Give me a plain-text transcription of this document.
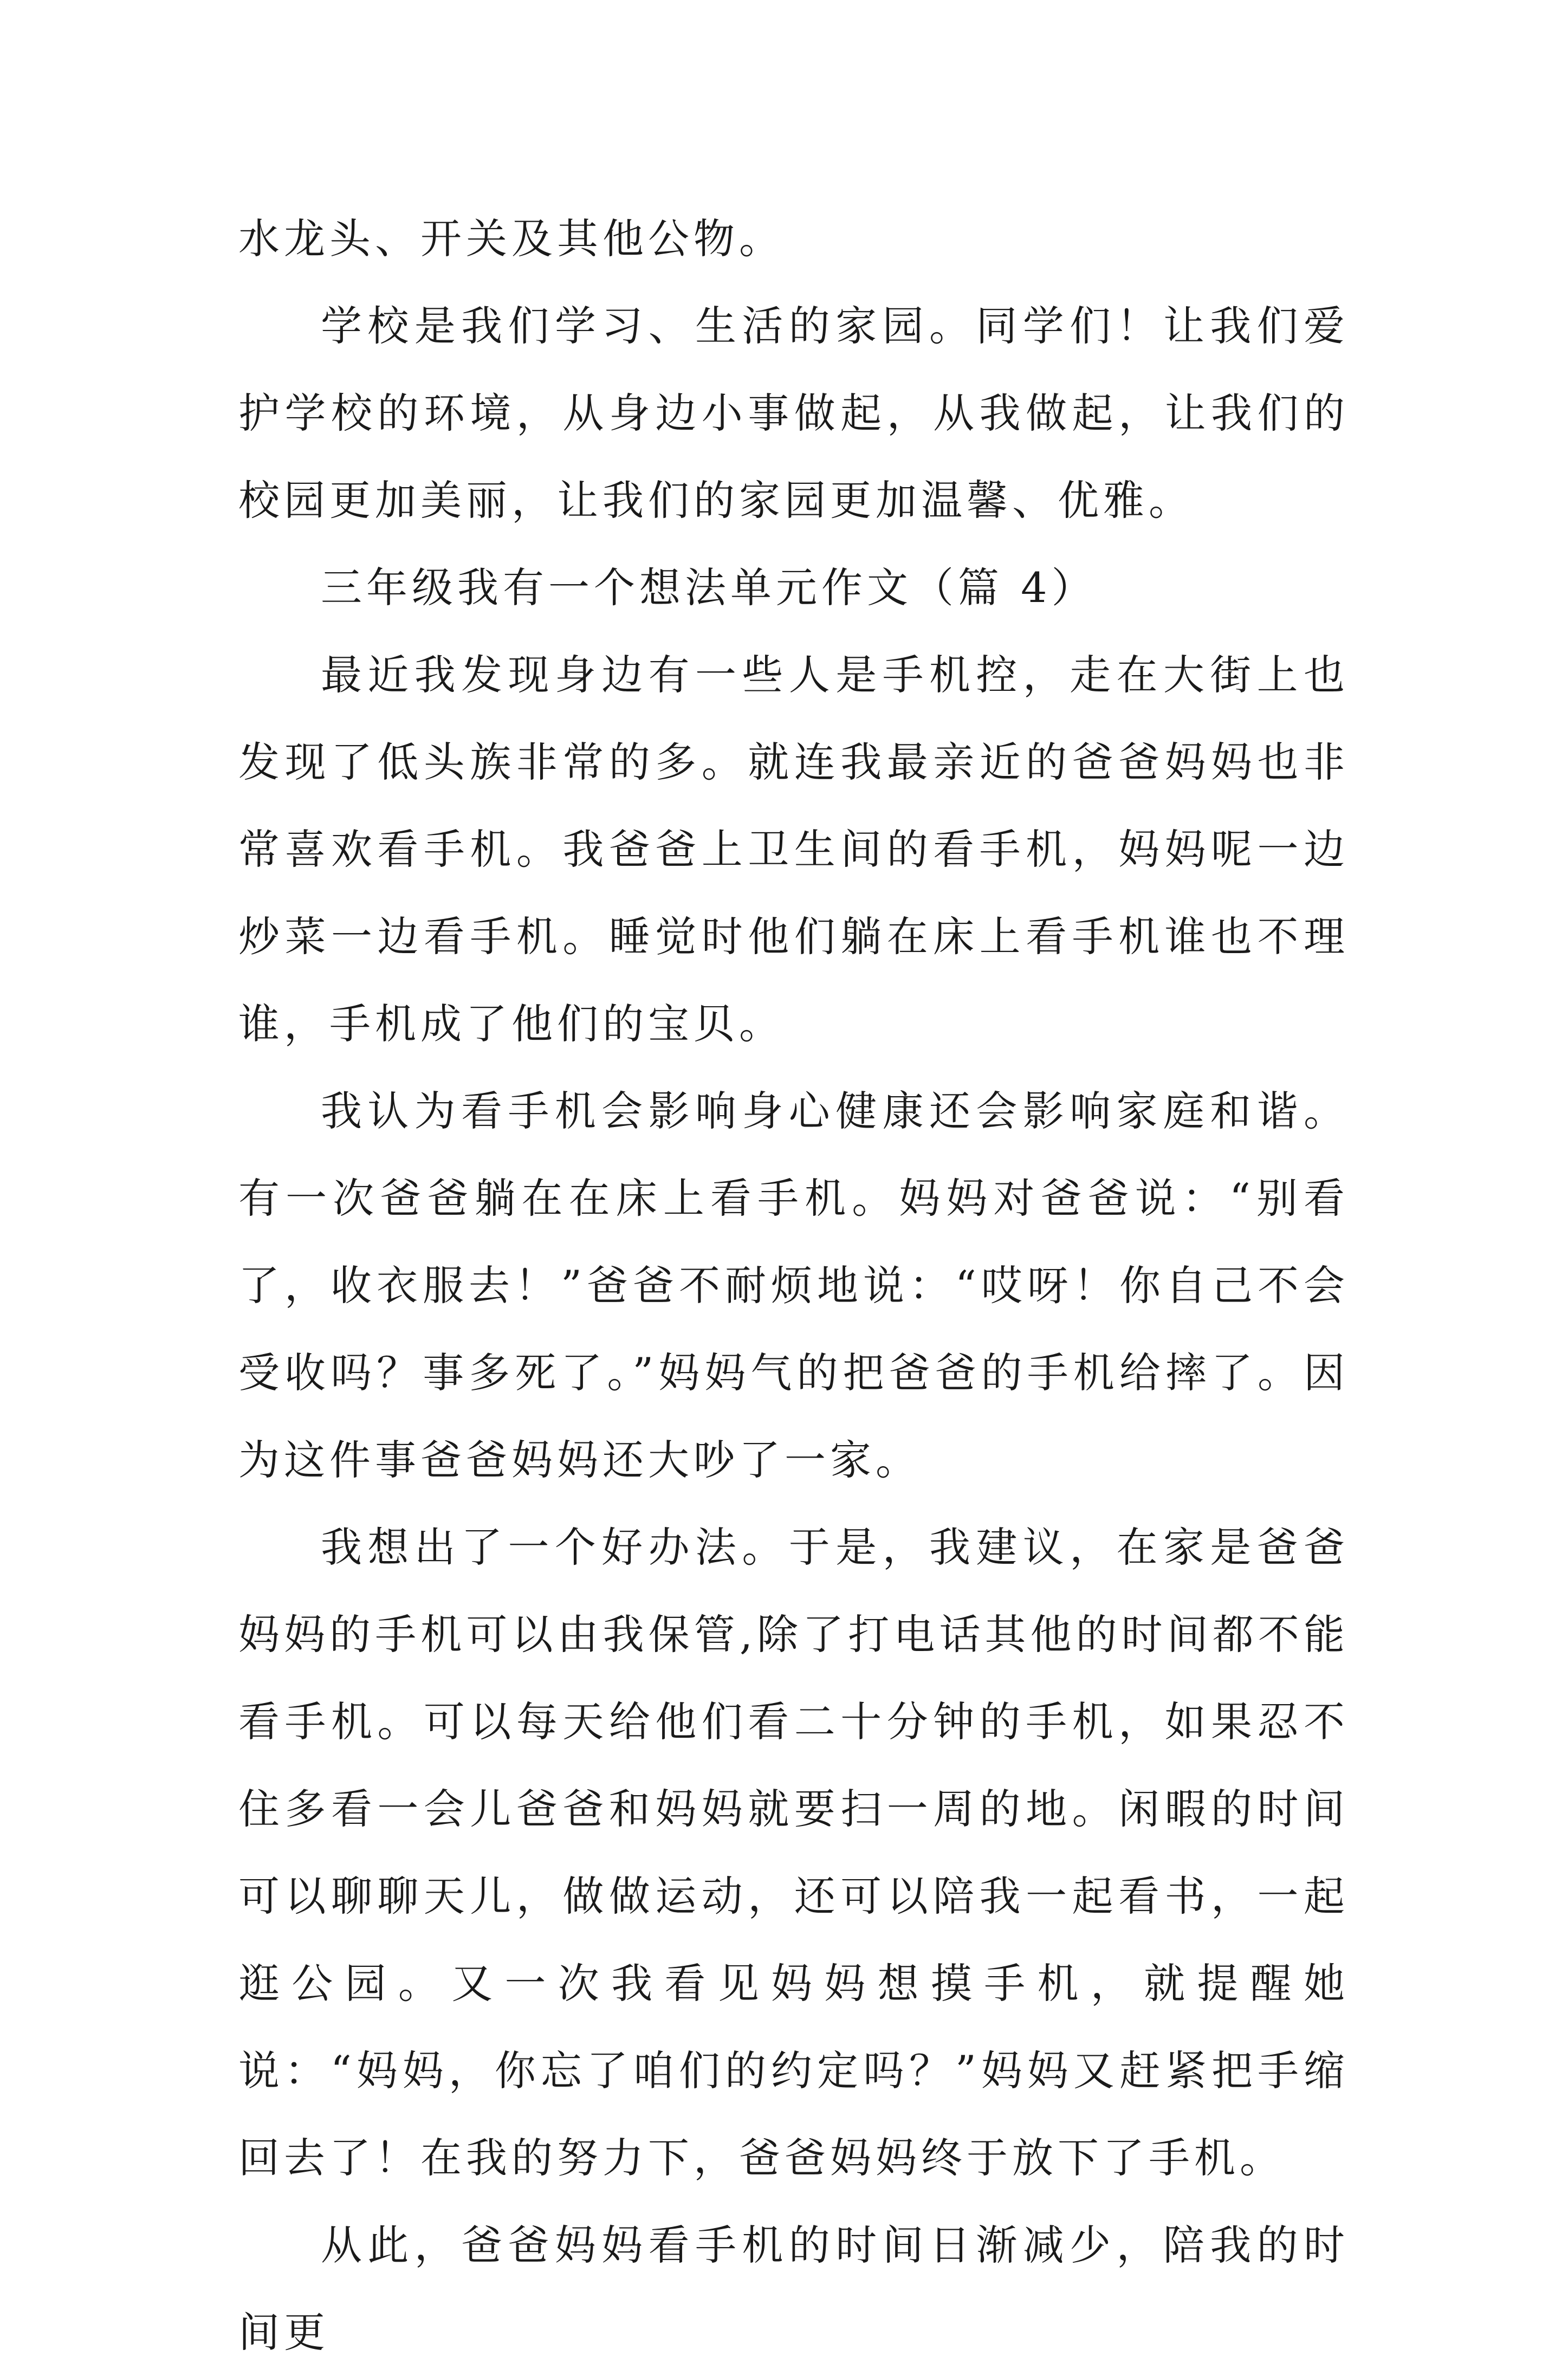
水龙头、开关及其他公物。

学校是我们学习、生活的家园。同学们！让我们爱护学校的环境，从身边小事做起，从我做起，让我们的校园更加美丽，让我们的家园更加温馨、优雅。

三年级我有一个想法单元作文（篇 4）

最近我发现身边有一些人是手机控，走在大街上也发现了低头族非常的多。就连我最亲近的爸爸妈妈也非常喜欢看手机。我爸爸上卫生间的看手机，妈妈呢一边炒菜一边看手机。睡觉时他们躺在床上看手机谁也不理谁，手机成了他们的宝贝。

我认为看手机会影响身心健康还会影响家庭和谐。有一次爸爸躺在在床上看手机。妈妈对爸爸说：“别看了，收衣服去！”爸爸不耐烦地说：“哎呀！你自己不会受收吗？事多死了。”妈妈气的把爸爸的手机给摔了。因为这件事爸爸妈妈还大吵了一家。

我想出了一个好办法。于是，我建议，在家是爸爸妈妈的手机可以由我保管,除了打电话其他的时间都不能看手机。可以每天给他们看二十分钟的手机，如果忍不住多看一会儿爸爸和妈妈就要扫一周的地。闲暇的时间可以聊聊天儿，做做运动，还可以陪我一起看书，一起逛公园。又一次我看见妈妈想摸手机，就提醒她说：“妈妈，你忘了咱们的约定吗？”妈妈又赶紧把手缩回去了！在我的努力下，爸爸妈妈终于放下了手机。

从此，爸爸妈妈看手机的时间日渐减少，陪我的时间更
